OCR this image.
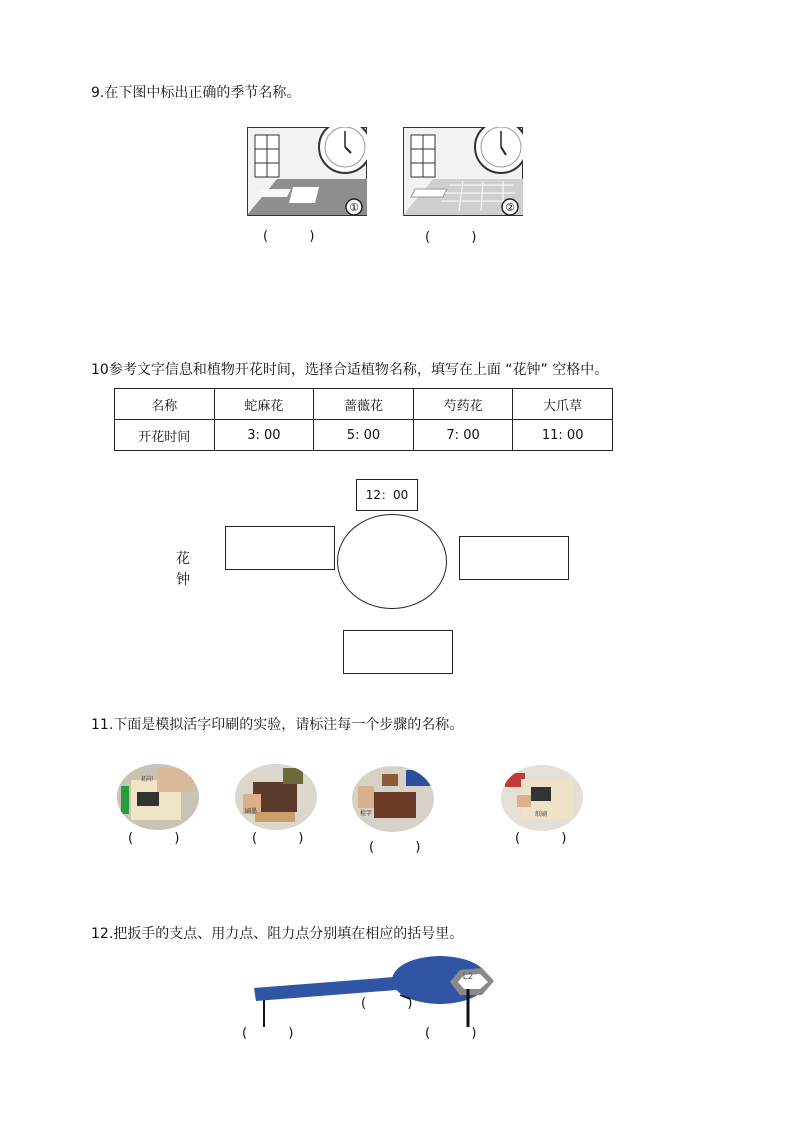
9.在下图中标出正确的季节名称。
①
(          )
②
(          )
10参考文字信息和植物开花时间，选择合适植物名称，填写在上面 “花钟” 空格中。
名称	蛇麻花	蔷薇花	芍药花	大爪草
开花时间	3: 00	5: 00	7: 00	11: 00
12：00
花
钟
11.下面是模拟活字印刷的实验，请标注每一个步骤的名称。
拓印
(          )
刷墨
(          )
检字
(          )
纸刷
(          )
12.把扳手的支点、用力点、阻力点分别填在相应的括号里。
L2
(          )
(          )	(          )
